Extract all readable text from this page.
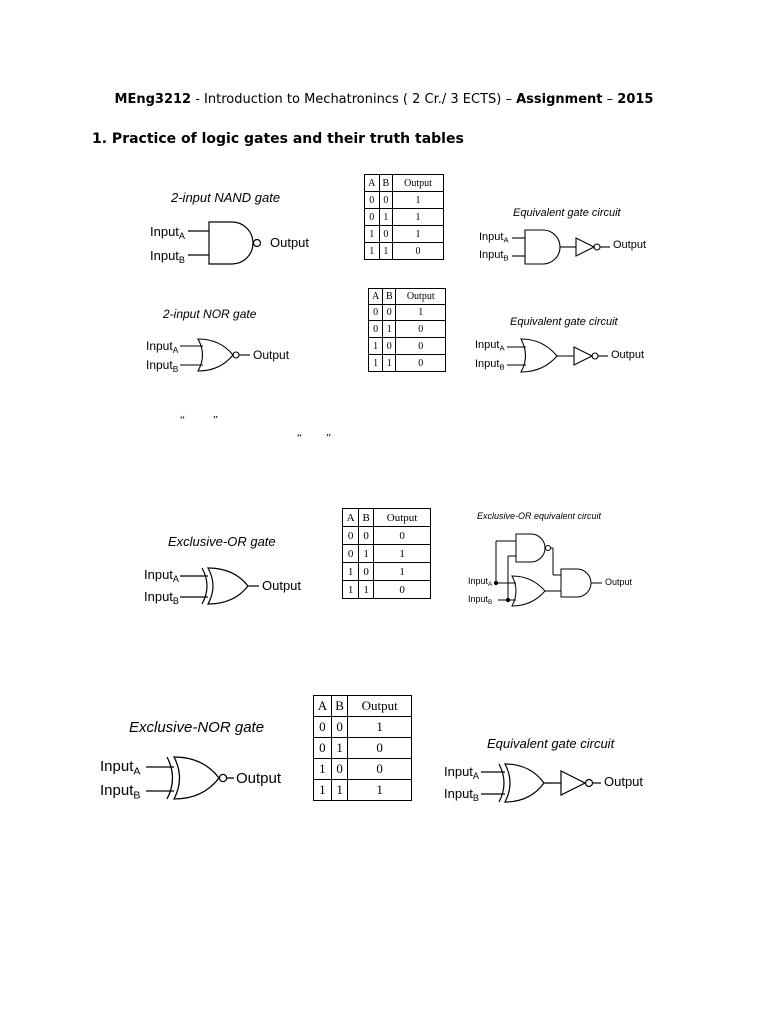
MEng3212 - Introduction to Mechatronincs ( 2 Cr./ 3 ECTS) – Assignment – 2015
1. Practice of logic gates and their truth tables
2-input NAND gate
Input$_A$
Input$_B$
Output
A	B	Output
0	0	1
0	1	1
1	0	1
1	1	0
Equivalent gate circuit
Input$_A$
Input$_B$
Output
2-input NOR gate
Input$_A$
Input$_B$
Output
A	B	Output
0	0	1
0	1	0
1	0	0
1	1	0
Equivalent gate circuit
Input$_A$
Input$_B$
Output
“	”
“ ”
Exclusive-OR gate
Input$_A$
Input$_B$
Output
A	B	Output
0	0	0
0	1	1
1	0	1
1	1	0
Exclusive-OR equivalent circuit
Input$_A$
Input$_B$
Output
Exclusive-NOR gate
Input$_A$
Input$_B$
Output
A	B	Output
0	0	1
0	1	0
1	0	0
1	1	1
Equivalent gate circuit
Input$_A$
Input$_B$
Output
